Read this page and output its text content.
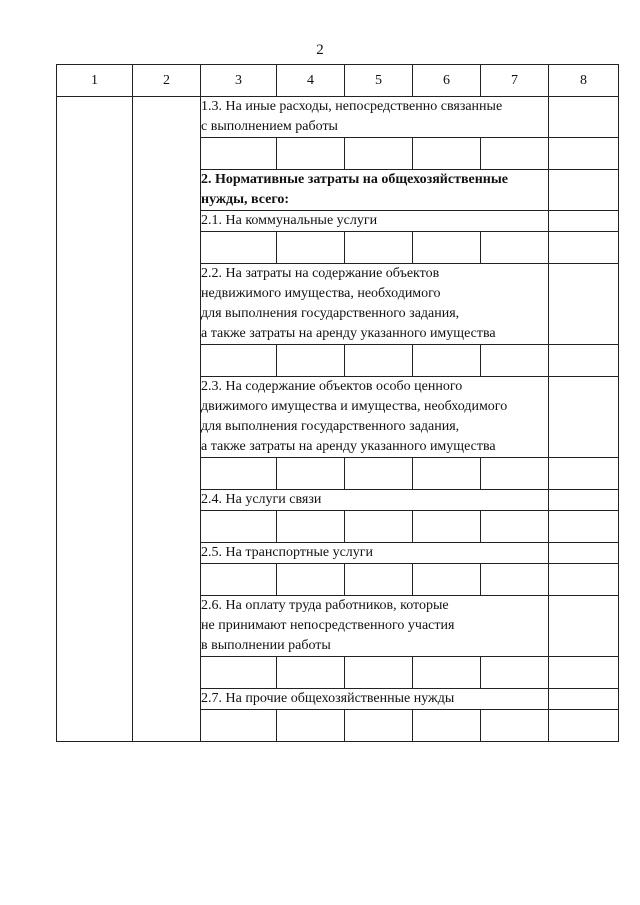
2
1	2	3	4	5	6	7	8

		1.3. На иные расходы, непосредственно связанные
с выполнением работы					

		2. Нормативные затраты на общехозяйственные
нужды, всего:					

		2.1. На коммунальные услуги					

		2.2. На затраты на содержание объектов
недвижимого имущества, необходимого
для выполнения государственного задания,
а также затраты на аренду указанного имущества					

		2.3. На содержание объектов особо ценного
движимого имущества и имущества, необходимого
для выполнения государственного задания,
а также затраты на аренду указанного имущества					

		2.4. На услуги связи					

		2.5. На транспортные услуги					

		2.6. На оплату труда работников, которые
не принимают непосредственного участия
в выполнении работы					

		2.7. На прочие общехозяйственные нужды					
